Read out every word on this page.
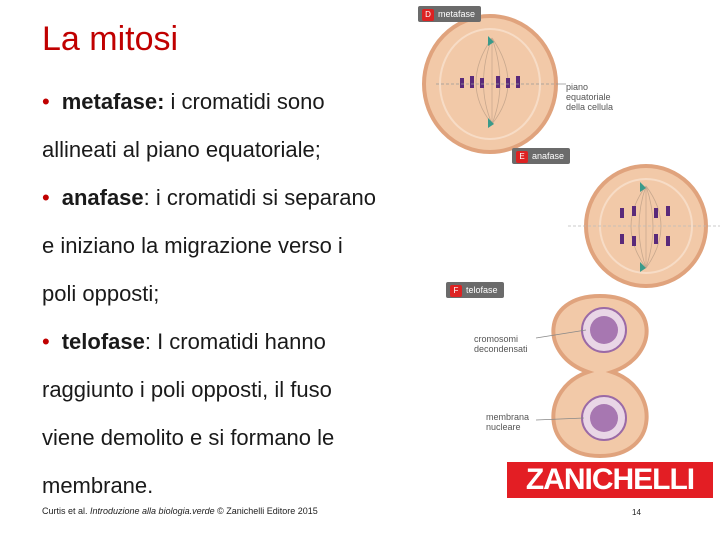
La mitosi
• metafase: i cromatidi sono
allineati al piano equatoriale;
• anafase: i cromatidi si separano
e iniziano la migrazione verso i
poli opposti;
• telofase: I cromatidi hanno
raggiunto i poli opposti, il fuso
viene demolito e si formano le
membrane.
D metafase
E anafase
F telofase
piano
equatoriale
della cellula
cromosomi
decondensati
membrana
nucleare
ZANICHELLI
Curtis et al. Introduzione alla biologia.verde © Zanichelli Editore 2015	14
